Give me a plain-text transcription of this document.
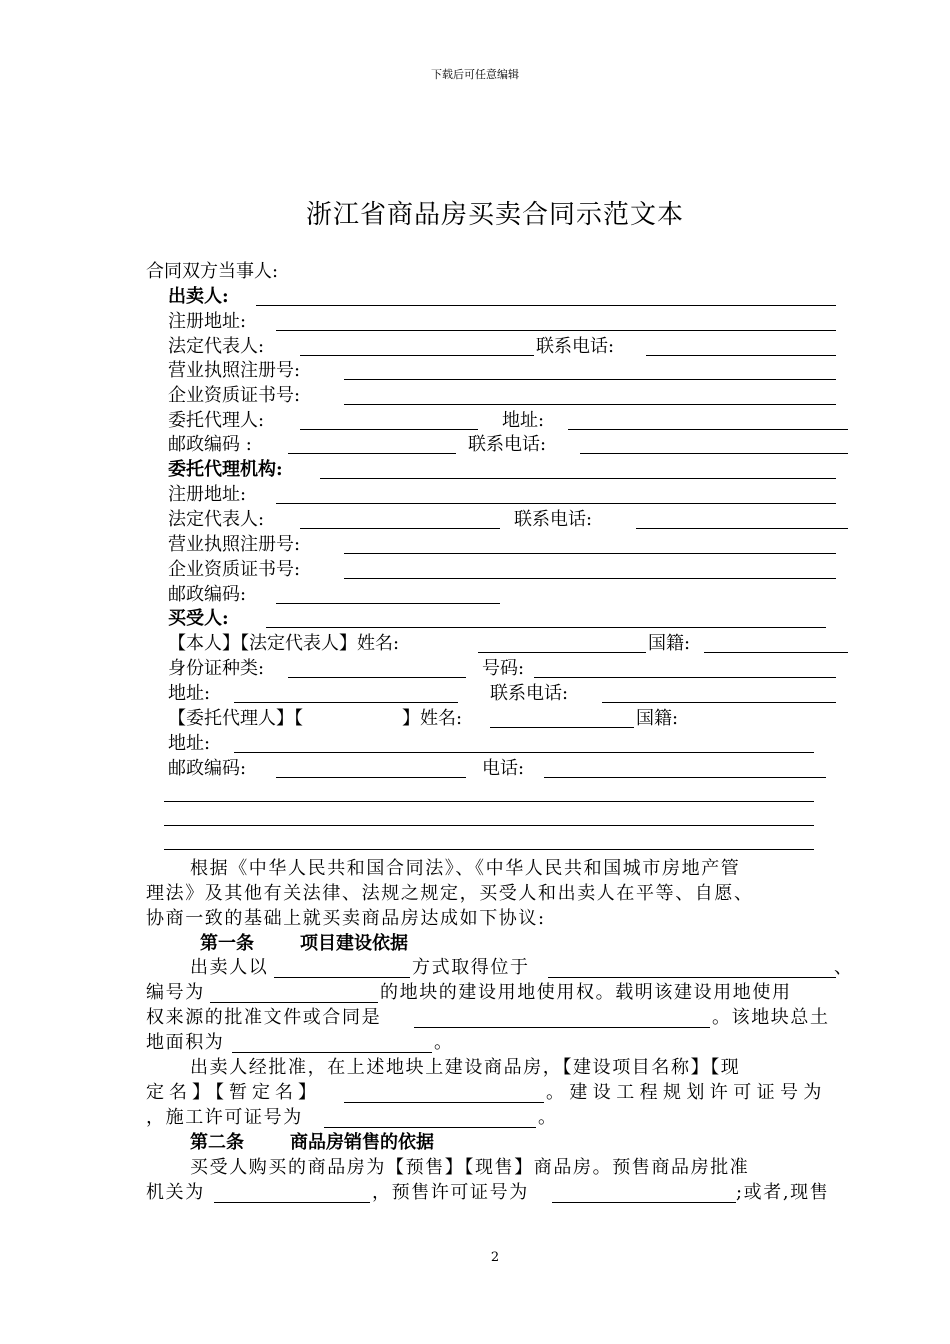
下载后可任意编辑
浙江省商品房买卖合同示范文本
合同双方当事人:
出卖人:
注册地址:
法定代表人:	联系电话:
营业执照注册号:
企业资质证书号:
委托代理人:	地址:
邮政编码 :	联系电话:
委托代理机构:
注册地址:
法定代表人:	联系电话:
营业执照注册号:
企业资质证书号:
邮政编码:
买受人:
【本人】【法定代表人】姓名:	国籍:
身份证种类:	号码:
地址:	联系电话:
【委托代理人】【	】姓名:	国籍:
地址:
邮政编码:	电话:
根据《中华人民共和国合同法》、《中华人民共和国城市房地产管
理法》及其他有关法律、法规之规定，买受人和出卖人在平等、自愿、
协商一致的基础上就买卖商品房达成如下协议:
第一条	项目建设依据
出卖人以	方式取得位于	、
编号为	的地块的建设用地使用权。载明该建设用地使用
权来源的批准文件或合同是	。该地块总土
地面积为	。
出卖人经批准，在上述地块上建设商品房，【建设项目名称】【现
定名】【暂定名】	。建设工程规划许可证号为
，施工许可证号为	。
第二条	商品房销售的依据
买受人购买的商品房为【预售】【现售】商品房。预售商品房批准
机关为	，预售许可证号为	;或者,现售
2
